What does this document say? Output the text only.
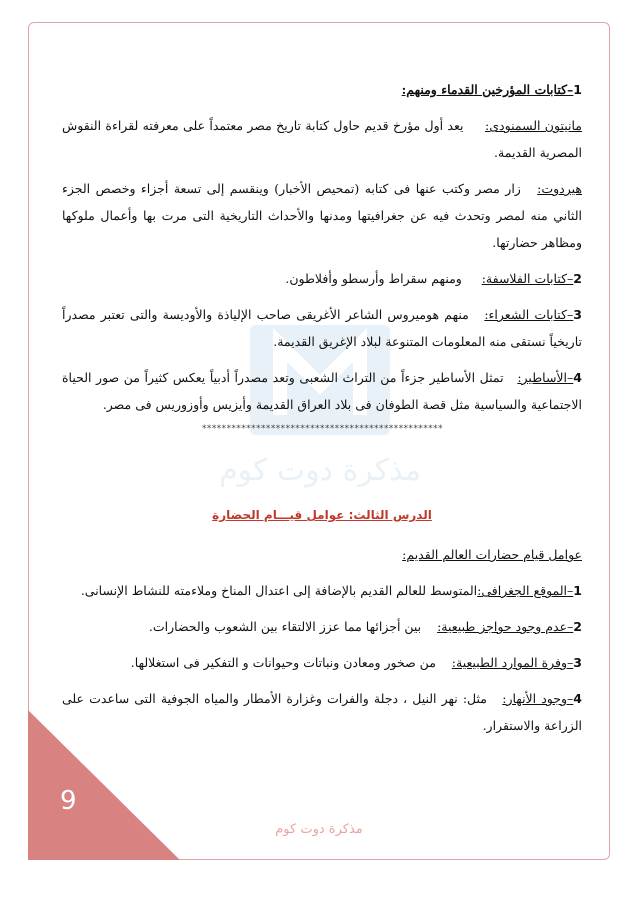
مذكرة دوت كوم

1–كتابات المؤرخين القدماء ومنهم:

مانيتون السمنودى:     يعد أول مؤرخ قديم حاول كتابة تاريخ مصر معتمداً على معرفته لقراءة النقوش المصرية القديمة.

هيردوت:   زار مصر وكتب عنها فى كتابه (تمحيص الأخبار) وينقسم إلى تسعة أجزاء وخصص الجزء الثاني منه لمصر وتحدث فيه عن جغرافيتها ومدنها والأحداث التاريخية التى مرت بها وأعمال ملوكها ومظاهر حضارتها.

2–كتابات الفلاسفة:     ومنهم سقراط وأرسطو وأفلاطون.

3–كتابات الشعراء:   منهم هوميروس الشاعر الأغريقى صاحب الإلياذة والأوديسة والتى تعتبر مصدراً تاريخياً نستقى منه المعلومات المتنوعة لبلاد الإغريق القديمة.

4–الأساطير:   تمثل الأساطير جزءاً من التراث الشعبى وتعد مصدراً أدبياً يعكس كثيراً من صور الحياة الاجتماعية والسياسية مثل قصة الطوفان فى بلاد العراق القديمة وأيزيس وأوزوريس فى مصر.

*************************************************
الدرس الثالث: عوامل قيـــام الحضارة

عوامل قيام حضارات العالم القديم:

1–الموقع الجغرافى:المتوسط للعالم القديم بالإضافة إلى اعتدال المناخ وملاءمته للنشاط الإنسانى.

2–عدم وجود حواجز طبيعية:    بين أجزائها مما عزز الالتقاء بين الشعوب والحضارات.

3–وفرة الموارد الطبيعية:    من صخور ومعادن ونباتات وحيوانات و التفكير فى استغلالها.

4–وجود الأنهار:   مثل: نهر النيل ، دجلة والفرات وغزارة الأمطار والمياه الجوفية التى ساعدت على الزراعة والاستقرار.

9
مذكرة دوت كوم
